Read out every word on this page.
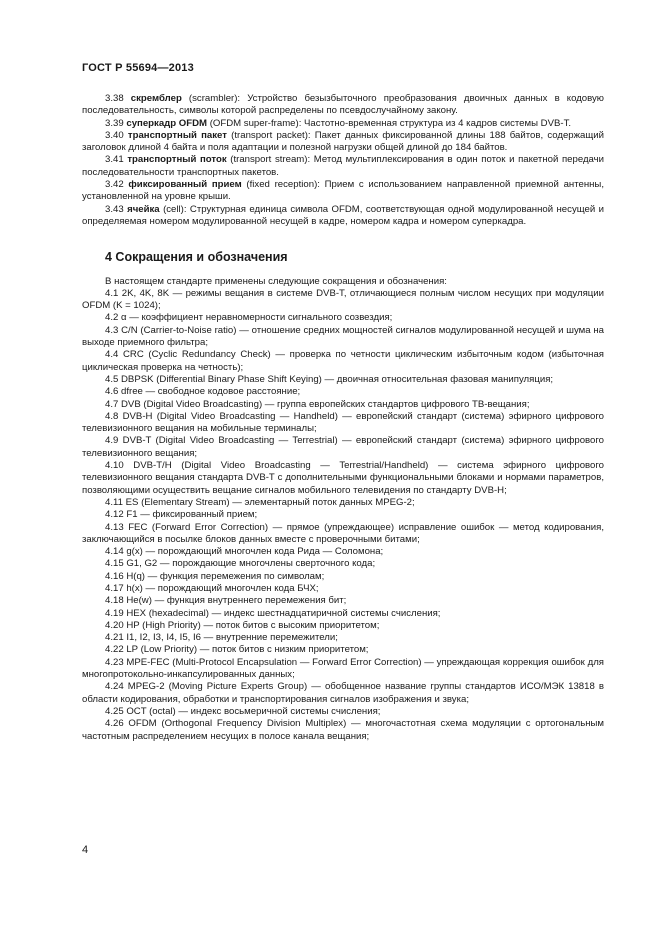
ГОСТ Р 55694—2013

3.38 скремблер (scrambler): Устройство безызбыточного преобразования двоичных данных в кодовую последовательность, символы которой распределены по псевдослучайному закону.

3.39 суперкадр OFDM (OFDM super-frame): Частотно-временная структура из 4 кадров системы DVB-T.

3.40 транспортный пакет (transport packet): Пакет данных фиксированной длины 188 байтов, содержащий заголовок длиной 4 байта и поля адаптации и полезной нагрузки общей длиной до 184 байтов.

3.41 транспортный поток (transport stream): Метод мультиплексирования в один поток и пакетной передачи последовательности транспортных пакетов.

3.42 фиксированный прием (fixed reception): Прием с использованием направленной приемной антенны, установленной на уровне крыши.

3.43 ячейка (cell): Структурная единица символа OFDM, соответствующая одной модулированной несущей и определяемая номером модулированной несущей в кадре, номером кадра и номером суперкадра.

4 Сокращения и обозначения

В настоящем стандарте применены следующие сокращения и обозначения:

4.1 2K, 4K, 8K — режимы вещания в системе DVB-T, отличающиеся полным числом несущих при модуляции OFDM (K = 1024);

4.2 α — коэффициент неравномерности сигнального созвездия;

4.3 C/N (Carrier-to-Noise ratio) — отношение средних мощностей сигналов модулированной несущей и шума на выходе приемного фильтра;

4.4 CRC (Cyclic Redundancy Check) — проверка по четности циклическим избыточным кодом (избыточная циклическая проверка на четность);

4.5 DBPSK (Differential Binary Phase Shift Keying) — двоичная относительная фазовая манипуляция;

4.6 dfree — свободное кодовое расстояние;

4.7 DVB (Digital Video Broadcasting) — группа европейских стандартов цифрового ТВ-вещания;

4.8 DVB-H (Digital Video Broadcasting — Handheld) — европейский стандарт (система) эфирного цифрового телевизионного вещания на мобильные терминалы;

4.9 DVB-T (Digital Video Broadcasting — Terrestrial) — европейский стандарт (система) эфирного цифрового телевизионного вещания;

4.10 DVB-T/H (Digital Video Broadcasting — Terrestrial/Handheld) — система эфирного цифрового телевизионного вещания стандарта DVB-T с дополнительными функциональными блоками и нормами параметров, позволяющими осуществить вещание сигналов мобильного телевидения по стандарту DVB-H;

4.11 ES (Elementary Stream) — элементарный поток данных MPEG-2;

4.12 F1 — фиксированный прием;

4.13 FEC (Forward Error Correction) — прямое (упреждающее) исправление ошибок — метод кодирования, заключающийся в посылке блоков данных вместе с проверочными битами;

4.14 g(x) — порождающий многочлен кода Рида — Соломона;

4.15 G1, G2 — порождающие многочлены сверточного кода;

4.16 H(q) — функция перемежения по символам;

4.17 h(x) — порождающий многочлен кода БЧХ;

4.18 He(w) — функция внутреннего перемежения бит;

4.19 HEX (hexadecimal) — индекс шестнадцатиричной системы счисления;

4.20 HP (High Priority) — поток битов с высоким приоритетом;

4.21 I1, I2, I3, I4, I5, I6 — внутренние перемежители;

4.22 LP (Low Priority) — поток битов с низким приоритетом;

4.23 MPE-FEC (Multi-Protocol Encapsulation — Forward Error Correction) — упреждающая коррекция ошибок для многопротокольно-инкапсулированных данных;

4.24 MPEG-2 (Moving Picture Experts Group) — обобщенное название группы стандартов ИСО/МЭК 13818 в области кодирования, обработки и транспортирования сигналов изображения и звука;

4.25 OCT (octal) — индекс восьмеричной системы счисления;

4.26 OFDM (Orthogonal Frequency Division Multiplex) — многочастотная схема модуляции с ортогональным частотным распределением несущих в полосе канала вещания;

4
